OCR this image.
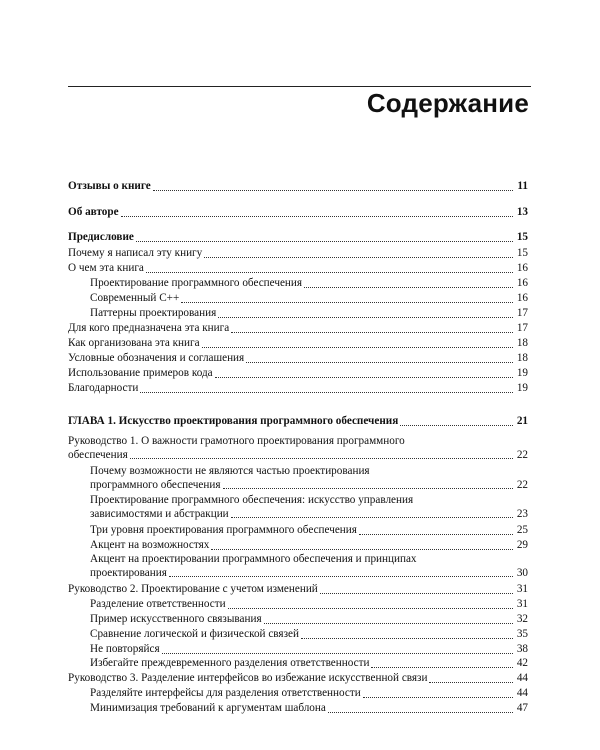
Содержание
Отзывы о книге	11
Об авторе	13
Предисловие	15
Почему я написал эту книгу	15
О чем эта книга	16
Проектирование программного обеспечения	16
Современный C++	16
Паттерны проектирования	17
Для кого предназначена эта книга	17
Как организована эта книга	18
Условные обозначения и соглашения	18
Использование примеров кода	19
Благодарности	19
ГЛАВА 1. Искусство проектирования программного обеспечения	21
Руководство 1. О важности грамотного проектирования программного
обеспечения	22
Почему возможности не являются частью проектирования
программного обеспечения	22
Проектирование программного обеспечения: искусство управления
зависимостями и абстракции	23
Три уровня проектирования программного обеспечения	25
Акцент на возможностях	29
Акцент на проектировании программного обеспечения и принципах
проектирования	30
Руководство 2. Проектирование с учетом изменений	31
Разделение ответственности	31
Пример искусственного связывания	32
Сравнение логической и физической связей	35
Не повторяйся	38
Избегайте преждевременного разделения ответственности	42
Руководство 3. Разделение интерфейсов во избежание искусственной связи	44
Разделяйте интерфейсы для разделения ответственности	44
Минимизация требований к аргументам шаблона	47
